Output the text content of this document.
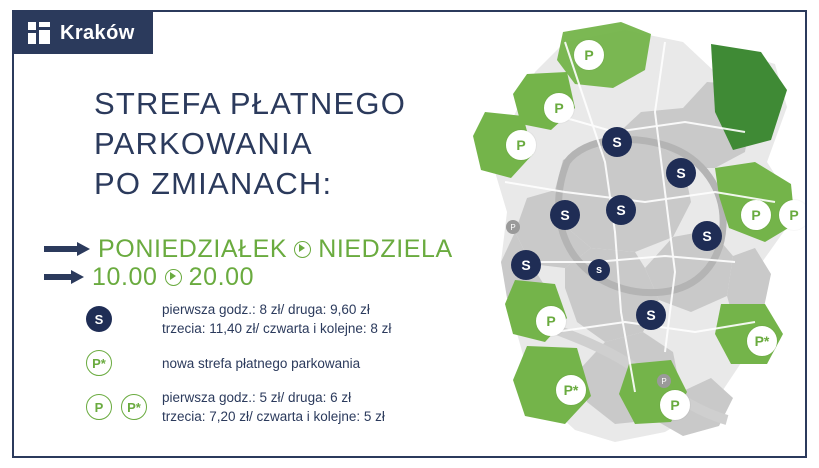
P
P
P
P
P	S
S
S
S	P	P
S
S	s
P	S
P*
P*
P
Kraków
STREFA PŁATNEGO
PARKOWANIA
PO ZMIANACH:
PONIEDZIAŁEK NIEDZIELA
10.00 20.00
S
pierwsza godz.: 8 zł/ druga: 9,60 zł
trzecia: 11,40 zł/ czwarta i kolejne: 8 zł
P*	nowa strefa płatnego parkowania
P	P*
pierwsza godz.: 5 zł/ druga: 6 zł
trzecia: 7,20 zł/ czwarta i kolejne: 5 zł
